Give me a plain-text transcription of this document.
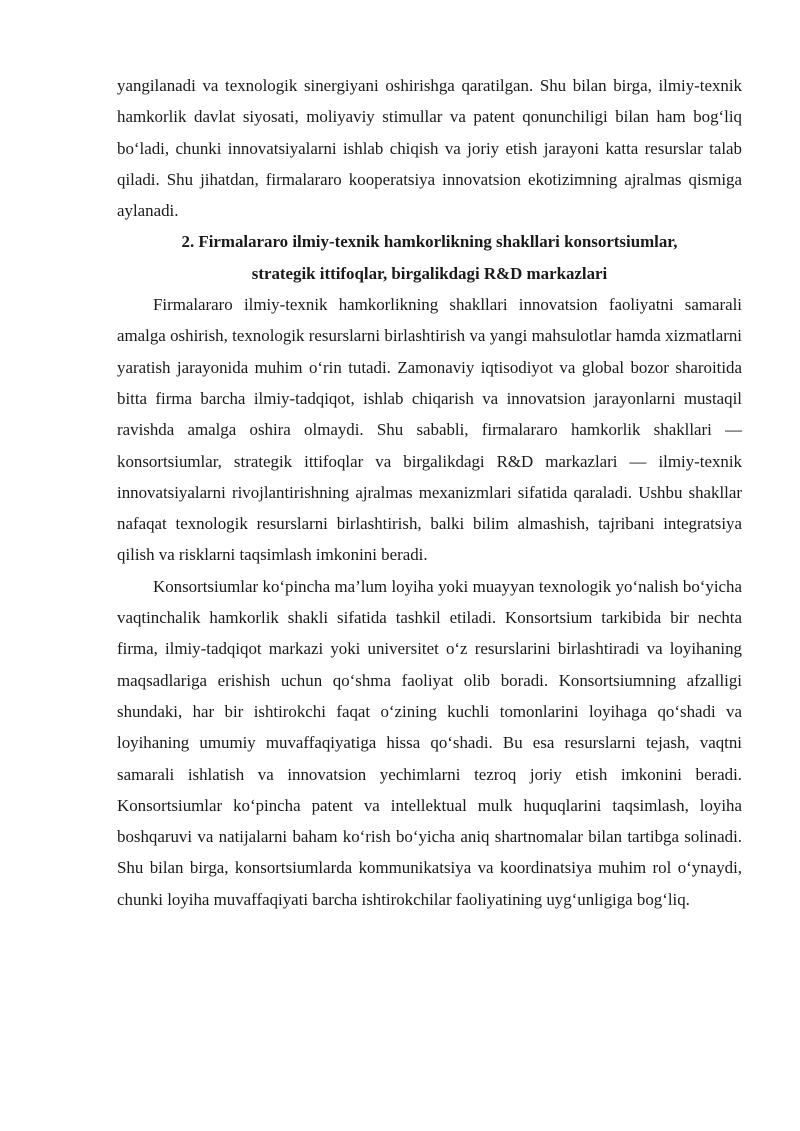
yangilanadi va texnologik sinergiyani oshirishga qaratilgan. Shu bilan birga, ilmiy-texnik hamkorlik davlat siyosati, moliyaviy stimullar va patent qonunchiligi bilan ham bog‘liq bo‘ladi, chunki innovatsiyalarni ishlab chiqish va joriy etish jarayoni katta resurslar talab qiladi. Shu jihatdan, firmalararo kooperatsiya innovatsion ekotizimning ajralmas qismiga aylanadi.

2. Firmalararo ilmiy-texnik hamkorlikning shakllari konsortsiumlar,

strategik ittifoqlar, birgalikdagi R&D markazlari

Firmalararo ilmiy-texnik hamkorlikning shakllari innovatsion faoliyatni samarali amalga oshirish, texnologik resurslarni birlashtirish va yangi mahsulotlar hamda xizmatlarni yaratish jarayonida muhim o‘rin tutadi. Zamonaviy iqtisodiyot va global bozor sharoitida bitta firma barcha ilmiy-tadqiqot, ishlab chiqarish va innovatsion jarayonlarni mustaqil ravishda amalga oshira olmaydi. Shu sababli, firmalararo hamkorlik shakllari — konsortsiumlar, strategik ittifoqlar va birgalikdagi R&D markazlari — ilmiy-texnik innovatsiyalarni rivojlantirishning ajralmas mexanizmlari sifatida qaraladi. Ushbu shakllar nafaqat texnologik resurslarni birlashtirish, balki bilim almashish, tajribani integratsiya qilish va risklarni taqsimlash imkonini beradi.

Konsortsiumlar ko‘pincha ma’lum loyiha yoki muayyan texnologik yo‘nalish bo‘yicha vaqtinchalik hamkorlik shakli sifatida tashkil etiladi. Konsortsium tarkibida bir nechta firma, ilmiy-tadqiqot markazi yoki universitet o‘z resurslarini birlashtiradi va loyihaning maqsadlariga erishish uchun qo‘shma faoliyat olib boradi. Konsortsiumning afzalligi shundaki, har bir ishtirokchi faqat o‘zining kuchli tomonlarini loyihaga qo‘shadi va loyihaning umumiy muvaffaqiyatiga hissa qo‘shadi. Bu esa resurslarni tejash, vaqtni samarali ishlatish va innovatsion yechimlarni tezroq joriy etish imkonini beradi. Konsortsiumlar ko‘pincha patent va intellektual mulk huquqlarini taqsimlash, loyiha boshqaruvi va natijalarni baham ko‘rish bo‘yicha aniq shartnomalar bilan tartibga solinadi. Shu bilan birga, konsortsiumlarda kommunikatsiya va koordinatsiya muhim rol o‘ynaydi, chunki loyiha muvaffaqiyati barcha ishtirokchilar faoliyatining uyg‘unligiga bog‘liq.
